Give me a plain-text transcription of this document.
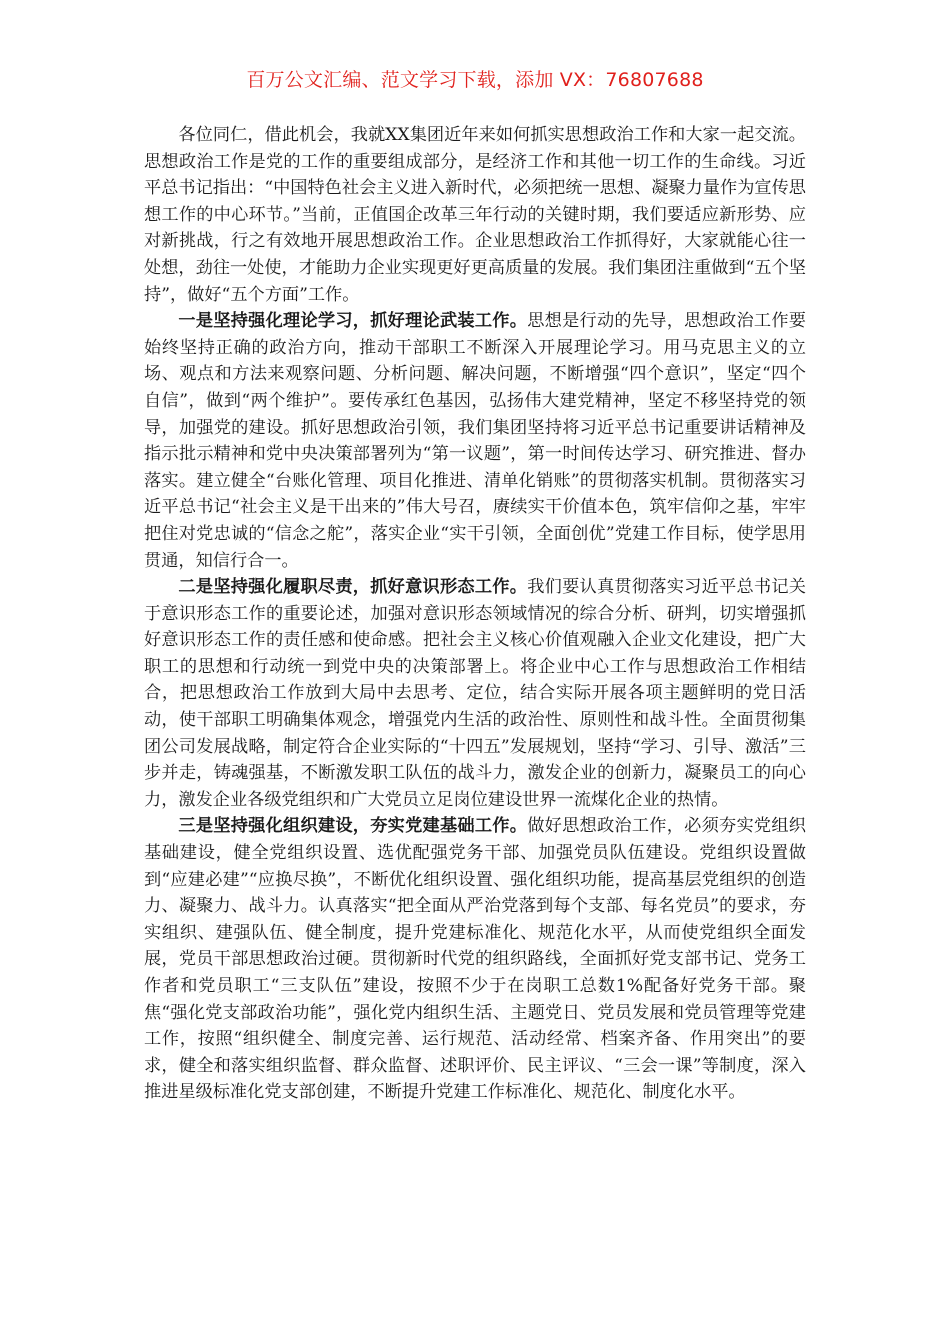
百万公文汇编、范文学习下载，添加 VX：76807688

各位同仁，借此机会，我就XX集团近年来如何抓实思想政治工作和大家一起交流。思想政治工作是党的工作的重要组成部分，是经济工作和其他一切工作的生命线。习近平总书记指出：“中国特色社会主义进入新时代，必须把统一思想、凝聚力量作为宣传思想工作的中心环节。”当前，正值国企改革三年行动的关键时期，我们要适应新形势、应对新挑战，行之有效地开展思想政治工作。企业思想政治工作抓得好，大家就能心往一处想，劲往一处使，才能助力企业实现更好更高质量的发展。我们集团注重做到“五个坚持”，做好“五个方面”工作。

一是坚持强化理论学习，抓好理论武装工作。思想是行动的先导，思想政治工作要始终坚持正确的政治方向，推动干部职工不断深入开展理论学习。用马克思主义的立场、观点和方法来观察问题、分析问题、解决问题，不断增强“四个意识”，坚定“四个自信”，做到“两个维护”。要传承红色基因，弘扬伟大建党精神，坚定不移坚持党的领导，加强党的建设。抓好思想政治引领，我们集团坚持将习近平总书记重要讲话精神及指示批示精神和党中央决策部署列为“第一议题”，第一时间传达学习、研究推进、督办落实。建立健全“台账化管理、项目化推进、清单化销账”的贯彻落实机制。贯彻落实习近平总书记“社会主义是干出来的”伟大号召，赓续实干价值本色，筑牢信仰之基，牢牢把住对党忠诚的“信念之舵”，落实企业“实干引领，全面创优”党建工作目标，使学思用贯通，知信行合一。

二是坚持强化履职尽责，抓好意识形态工作。我们要认真贯彻落实习近平总书记关于意识形态工作的重要论述，加强对意识形态领域情况的综合分析、研判，切实增强抓好意识形态工作的责任感和使命感。把社会主义核心价值观融入企业文化建设，把广大职工的思想和行动统一到党中央的决策部署上。将企业中心工作与思想政治工作相结合，把思想政治工作放到大局中去思考、定位，结合实际开展各项主题鲜明的党日活动，使干部职工明确集体观念，增强党内生活的政治性、原则性和战斗性。全面贯彻集团公司发展战略，制定符合企业实际的“十四五”发展规划，坚持“学习、引导、激活”三步并走，铸魂强基，不断激发职工队伍的战斗力，激发企业的创新力，凝聚员工的向心力，激发企业各级党组织和广大党员立足岗位建设世界一流煤化企业的热情。

三是坚持强化组织建设，夯实党建基础工作。做好思想政治工作，必须夯实党组织基础建设，健全党组织设置、选优配强党务干部、加强党员队伍建设。党组织设置做到“应建必建”“应换尽换”，不断优化组织设置、强化组织功能，提高基层党组织的创造力、凝聚力、战斗力。认真落实“把全面从严治党落到每个支部、每名党员”的要求，夯实组织、建强队伍、健全制度，提升党建标准化、规范化水平，从而使党组织全面发展，党员干部思想政治过硬。贯彻新时代党的组织路线，全面抓好党支部书记、党务工作者和党员职工“三支队伍”建设，按照不少于在岗职工总数1%配备好党务干部。聚焦“强化党支部政治功能”，强化党内组织生活、主题党日、党员发展和党员管理等党建工作，按照“组织健全、制度完善、运行规范、活动经常、档案齐备、作用突出”的要求，健全和落实组织监督、群众监督、述职评价、民主评议、“三会一课”等制度，深入推进星级标准化党支部创建，不断提升党建工作标准化、规范化、制度化水平。
